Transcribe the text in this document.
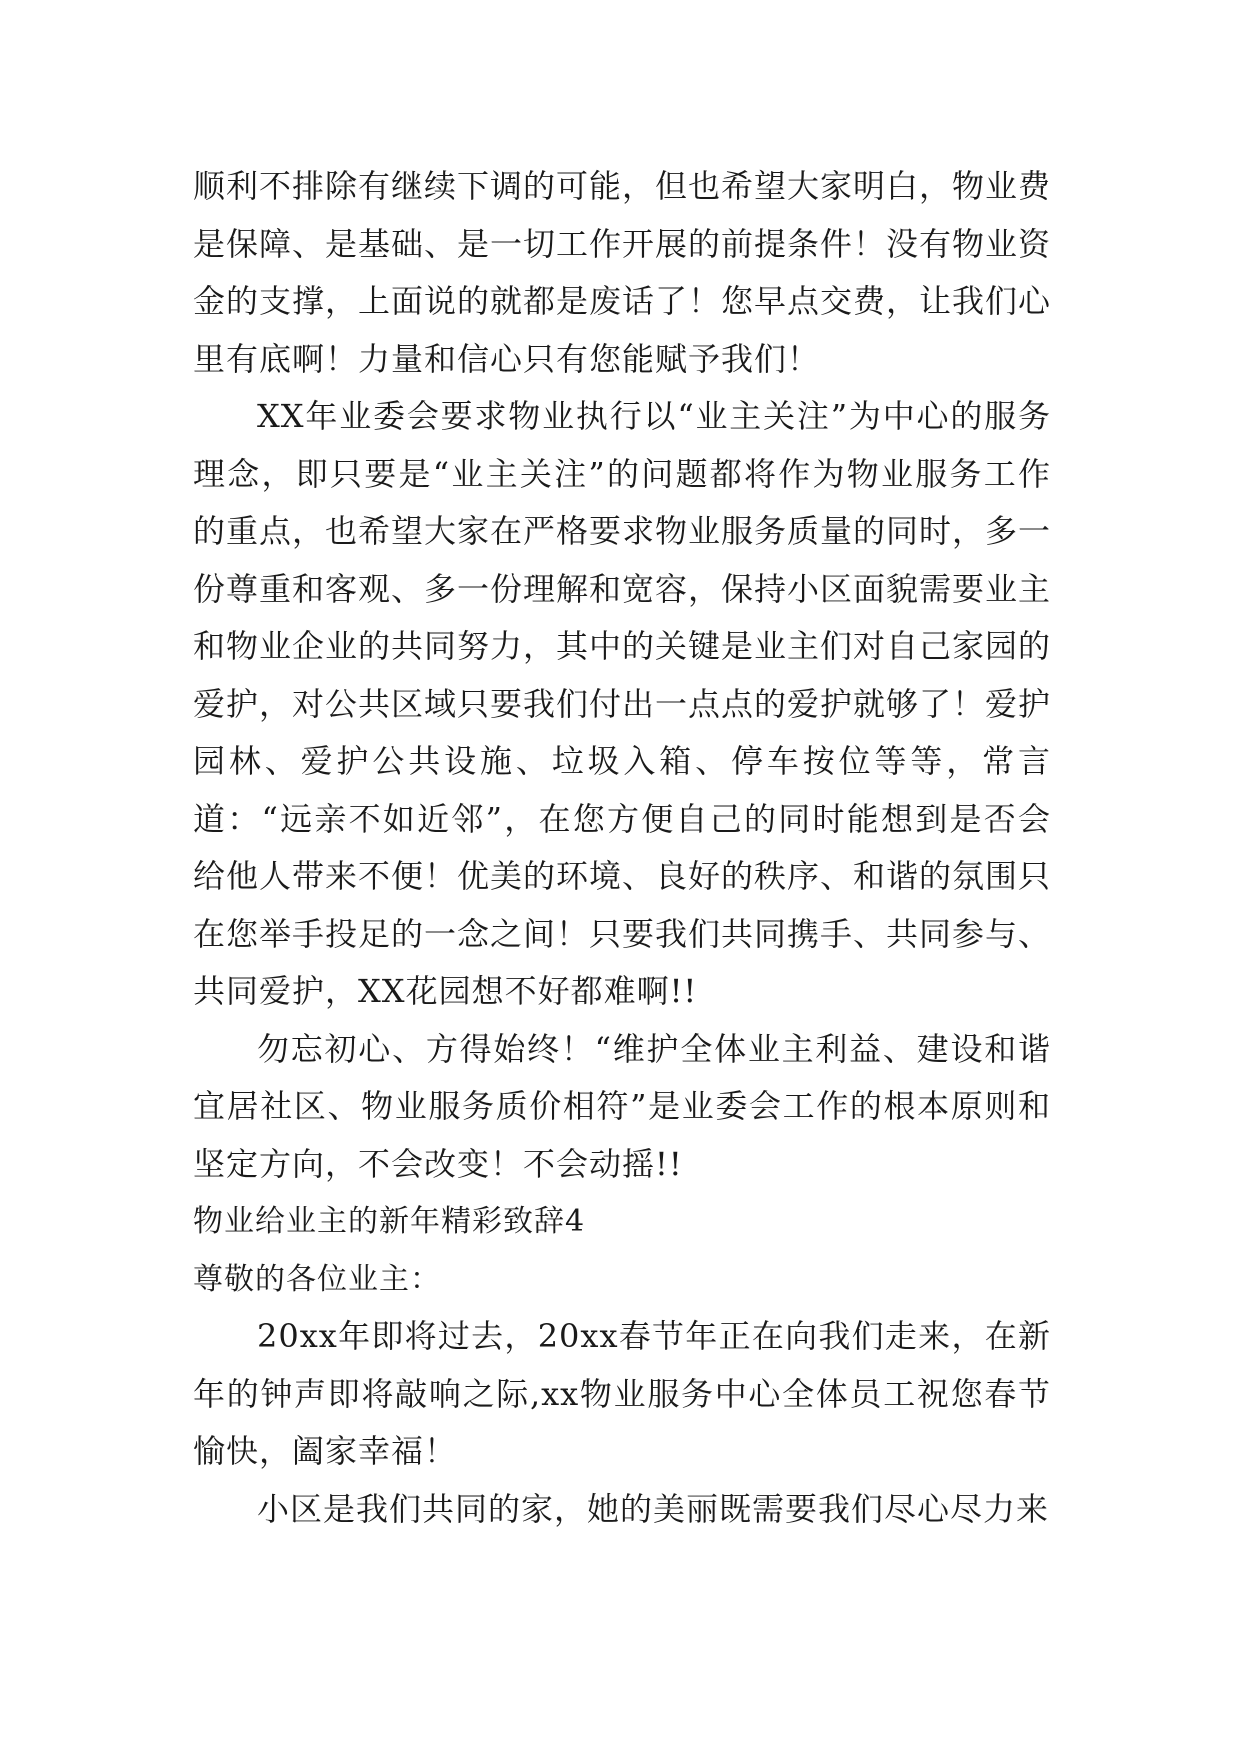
顺利不排除有继续下调的可能，但也希望大家明白，物业费是保障、是基础、是一切工作开展的前提条件！没有物业资金的支撑，上面说的就都是废话了！您早点交费，让我们心里有底啊！力量和信心只有您能赋予我们！

XX年业委会要求物业执行以“业主关注”为中心的服务理念，即只要是“业主关注”的问题都将作为物业服务工作的重点，也希望大家在严格要求物业服务质量的同时，多一份尊重和客观、多一份理解和宽容，保持小区面貌需要业主和物业企业的共同努力，其中的关键是业主们对自己家园的爱护，对公共区域只要我们付出一点点的爱护就够了！爱护园林、爱护公共设施、垃圾入箱、停车按位等等，常言道：“远亲不如近邻”，在您方便自己的同时能想到是否会给他人带来不便！优美的环境、良好的秩序、和谐的氛围只在您举手投足的一念之间！只要我们共同携手、共同参与、共同爱护，XX花园想不好都难啊!!

勿忘初心、方得始终！“维护全体业主利益、建设和谐宜居社区、物业服务质价相符”是业委会工作的根本原则和坚定方向，不会改变！不会动摇!!

物业给业主的新年精彩致辞4

尊敬的各位业主：

20xx年即将过去，20xx春节年正在向我们走来，在新年的钟声即将敲响之际,xx物业服务中心全体员工祝您春节愉快，阖家幸福！

小区是我们共同的家，她的美丽既需要我们尽心尽力来
